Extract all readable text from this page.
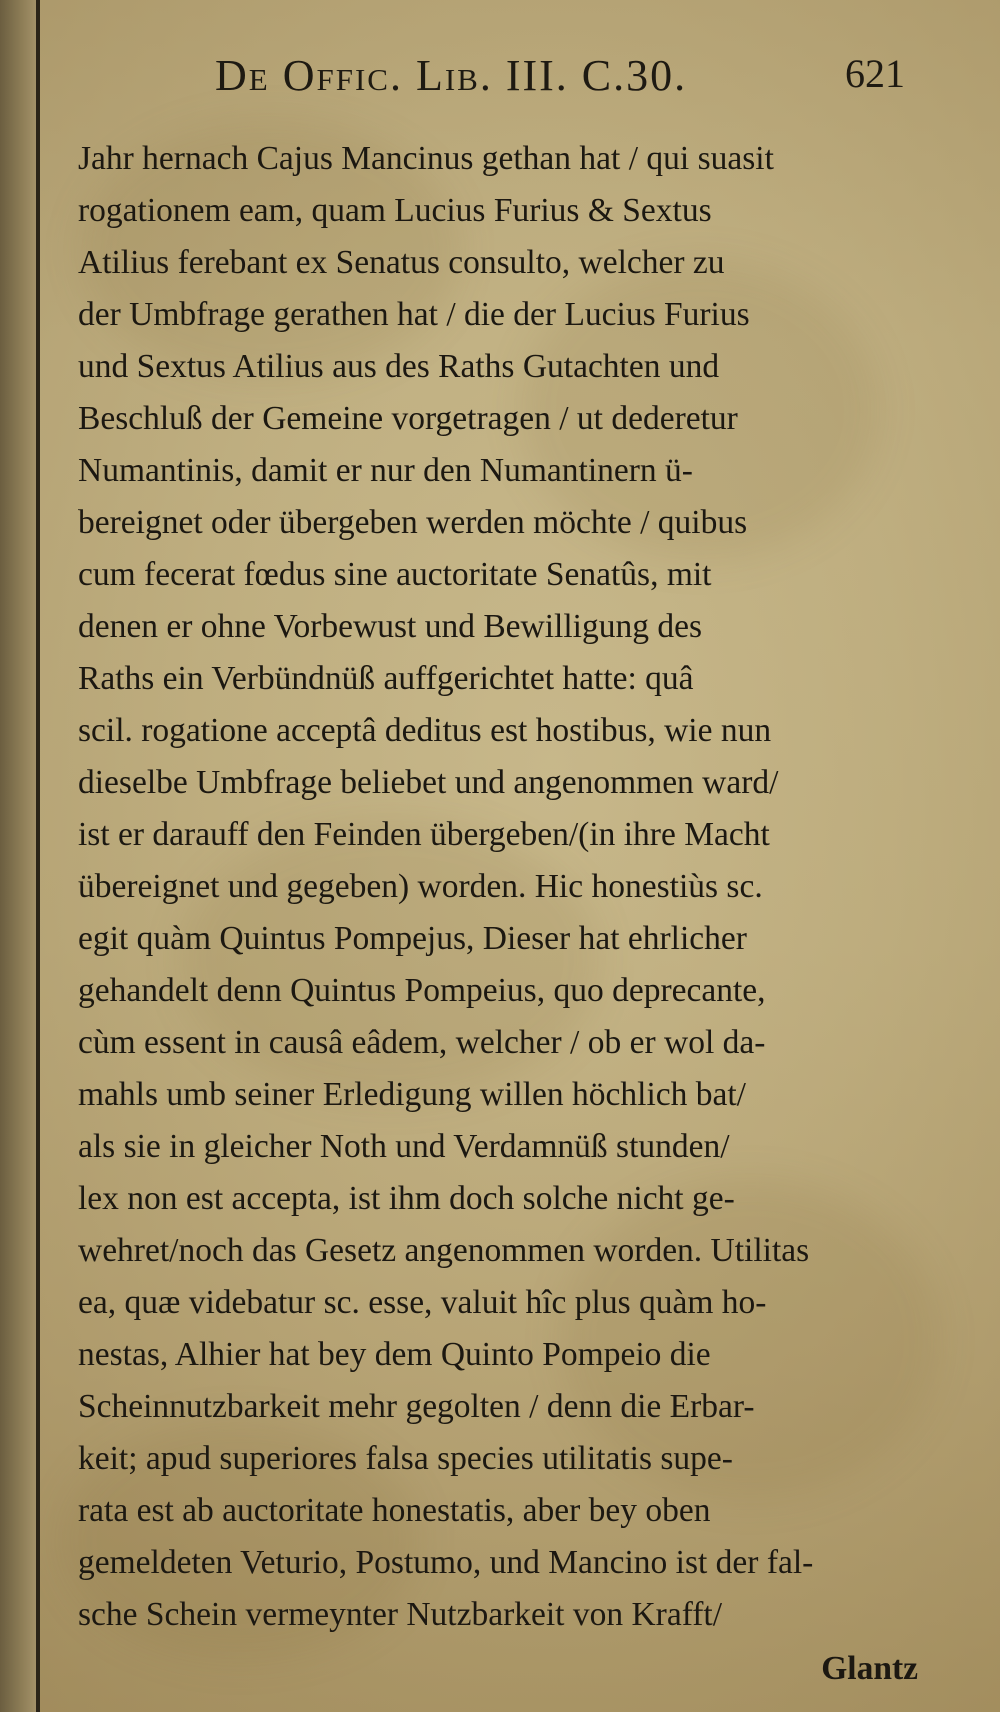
De Offic. Lib. III. C.30.	621
Jahr hernach Cajus Mancinus gethan hat / qui suasit
rogationem eam, quam Lucius Furius & Sextus
Atilius ferebant ex Senatus consulto, welcher zu
der Umbfrage gerathen hat / die der Lucius Furius
und Sextus Atilius aus des Raths Gutachten und
Beschluß der Gemeine vorgetragen / ut dederetur
Numantinis, damit er nur den Numantinern ü-
bereignet oder übergeben werden möchte / quibus
cum fecerat fœdus sine auctoritate Senatûs, mit
denen er ohne Vorbewust und Bewilligung des
Raths ein Verbündnüß auffgerichtet hatte: quâ
scil. rogatione acceptâ deditus est hostibus, wie nun
dieselbe Umbfrage beliebet und angenommen ward/
ist er darauff den Feinden übergeben/(in ihre Macht
übereignet und gegeben) worden. Hic honestiùs sc.
egit quàm Quintus Pompejus, Dieser hat ehrlicher
gehandelt denn Quintus Pompeius, quo deprecante,
cùm essent in causâ eâdem, welcher / ob er wol da-
mahls umb seiner Erledigung willen höchlich bat/
als sie in gleicher Noth und Verdamnüß stunden/
lex non est accepta, ist ihm doch solche nicht ge-
wehret/noch das Gesetz angenommen worden. Utilitas
ea, quæ videbatur sc. esse, valuit hîc plus quàm ho-
nestas, Alhier hat bey dem Quinto Pompeio die
Scheinnutzbarkeit mehr gegolten / denn die Erbar-
keit; apud superiores falsa species utilitatis supe-
rata est ab auctoritate honestatis, aber bey oben
gemeldeten Veturio, Postumo, und Mancino ist der fal-
sche Schein vermeynter Nutzbarkeit von Krafft/
Glantz
